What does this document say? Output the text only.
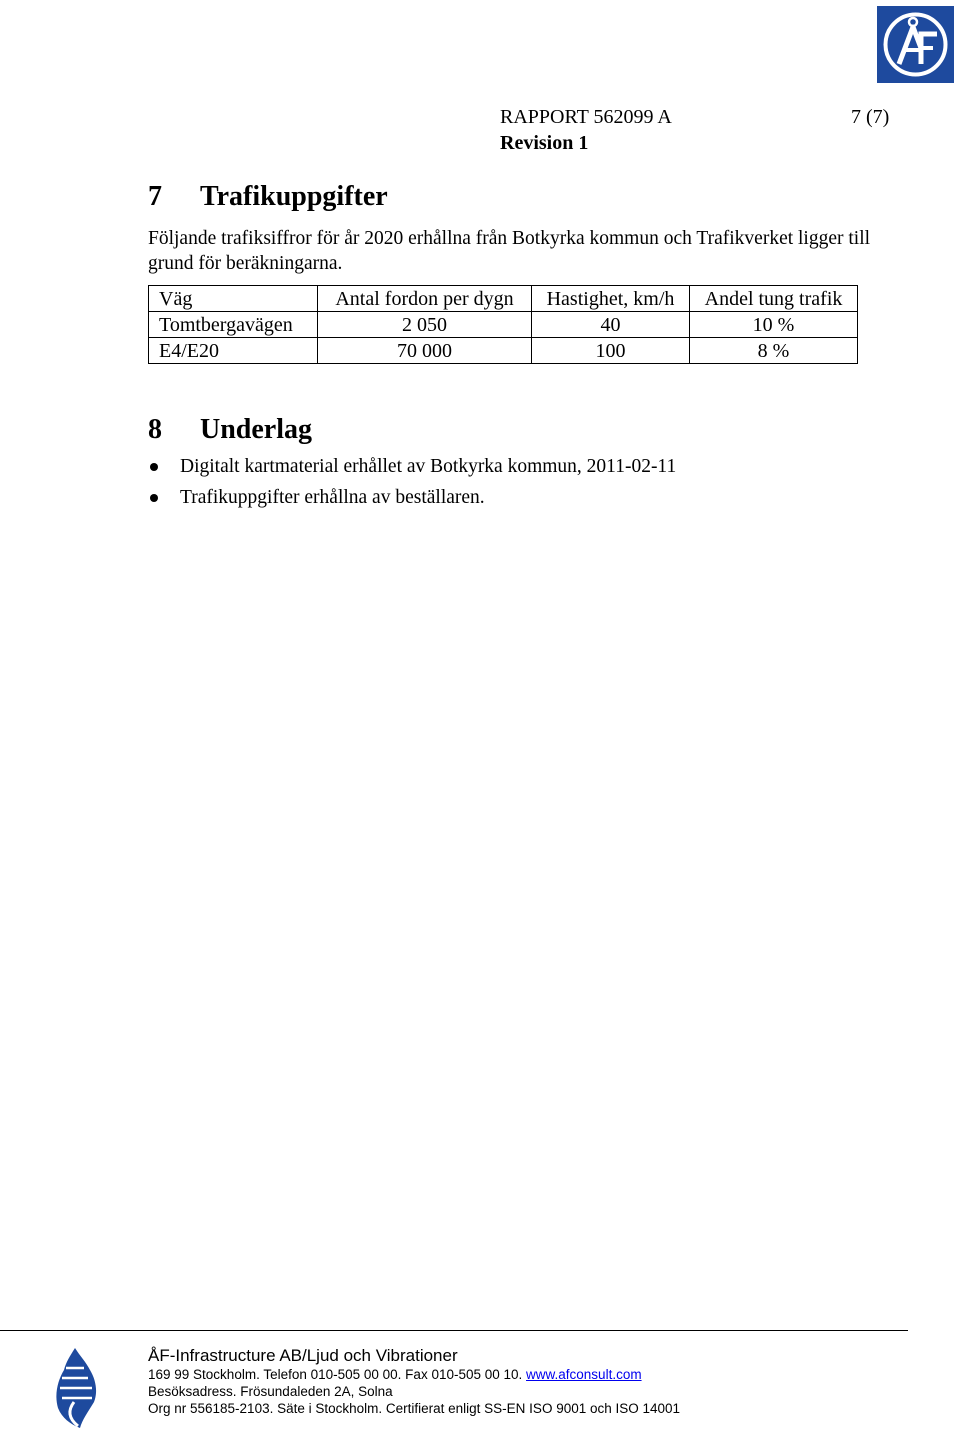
RAPPORT 562099 A
Revision 1
7 (7)
7 Trafikuppgifter
Följande trafiksiffror för år 2020 erhållna från Botkyrka kommun och Trafikverket ligger till grund för beräkningarna.
Väg	Antal fordon per dygn	Hastighet, km/h	Andel tung trafik
Tomtbergavägen	2 050	40	10 %
E4/E20	70 000	100	8 %
8 Underlag
Digitalt kartmaterial erhållet av Botkyrka kommun, 2011-02-11
Trafikuppgifter erhållna av beställaren.
ÅF-Infrastructure AB/Ljud och Vibrationer
169 99 Stockholm. Telefon 010-505 00 00. Fax 010-505 00 10. www.afconsult.com
Besöksadress. Frösundaleden 2A, Solna
Org nr 556185-2103. Säte i Stockholm. Certifierat enligt SS-EN ISO 9001 och ISO 14001
